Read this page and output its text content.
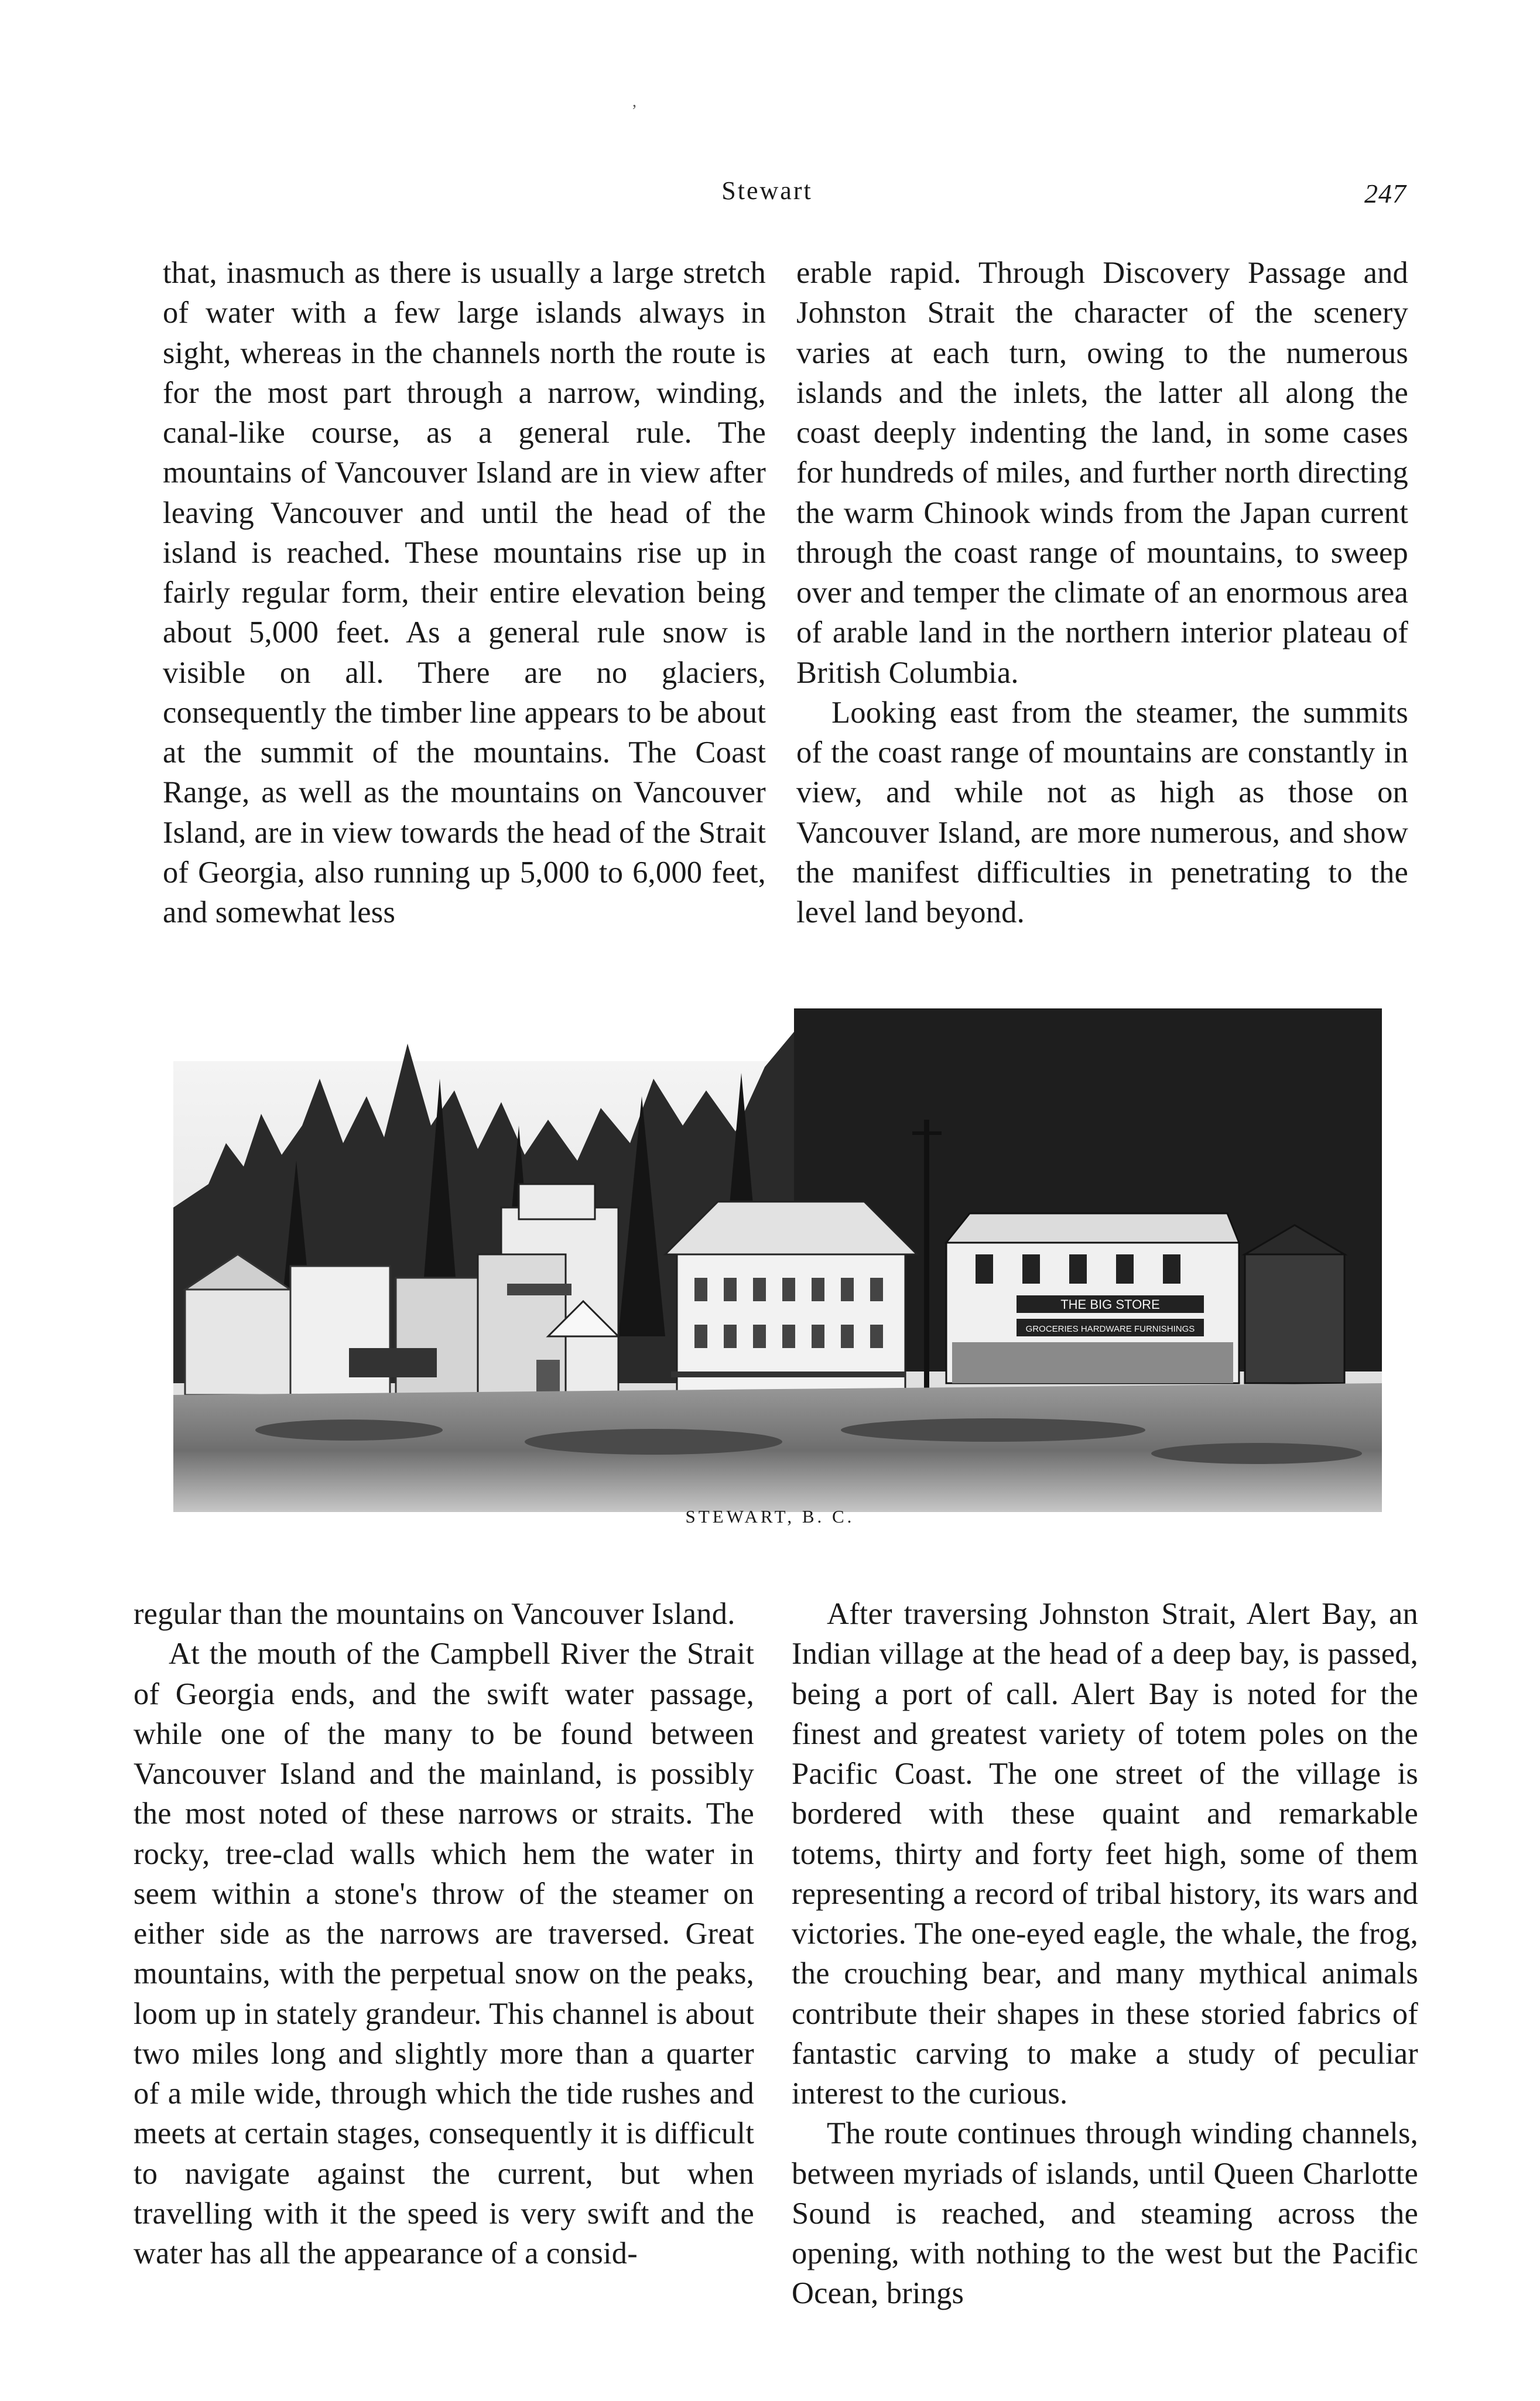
,
Stewart	247

that, inasmuch as there is usually a large stretch of water with a few large islands always in sight, whereas in the channels north the route is for the most part through a narrow, winding, canal-like course, as a general rule. The mountains of Vancouver Island are in view after leaving Vancouver and until the head of the island is reached. These mountains rise up in fairly regular form, their entire elevation being about 5,000 feet. As a general rule snow is visible on all. There are no glaciers, consequently the timber line appears to be about at the summit of the mountains. The Coast Range, as well as the mountains on Vancouver Island, are in view towards the head of the Strait of Georgia, also running up 5,000 to 6,000 feet, and somewhat less

erable rapid. Through Discovery Passage and Johnston Strait the character of the scenery varies at each turn, owing to the numerous islands and the inlets, the latter all along the coast deeply indenting the land, in some cases for hundreds of miles, and further north directing the warm Chinook winds from the Japan current through the coast range of mountains, to sweep over and temper the climate of an enormous area of arable land in the northern interior plateau of British Columbia.

Looking east from the steamer, the summits of the coast range of mountains are constantly in view, and while not as high as those on Vancouver Island, are more numerous, and show the manifest difficulties in penetrating to the level land beyond.

THE BIG STORE
GROCERIES HARDWARE FURNISHINGS
STEWART, B. C.

regular than the mountains on Vancouver Island.

At the mouth of the Campbell River the Strait of Georgia ends, and the swift water passage, while one of the many to be found between Vancouver Island and the mainland, is possibly the most noted of these narrows or straits. The rocky, tree-clad walls which hem the water in seem within a stone's throw of the steamer on either side as the narrows are traversed. Great mountains, with the perpetual snow on the peaks, loom up in stately grandeur. This channel is about two miles long and slightly more than a quarter of a mile wide, through which the tide rushes and meets at certain stages, consequently it is difficult to navigate against the current, but when travelling with it the speed is very swift and the water has all the appearance of a consid-

After traversing Johnston Strait, Alert Bay, an Indian village at the head of a deep bay, is passed, being a port of call. Alert Bay is noted for the finest and greatest variety of totem poles on the Pacific Coast. The one street of the village is bordered with these quaint and remarkable totems, thirty and forty feet high, some of them representing a record of tribal history, its wars and victories. The one-eyed eagle, the whale, the frog, the crouching bear, and many mythical animals contribute their shapes in these storied fabrics of fantastic carving to make a study of peculiar interest to the curious.

The route continues through winding channels, between myriads of islands, until Queen Charlotte Sound is reached, and steaming across the opening, with nothing to the west but the Pacific Ocean, brings
